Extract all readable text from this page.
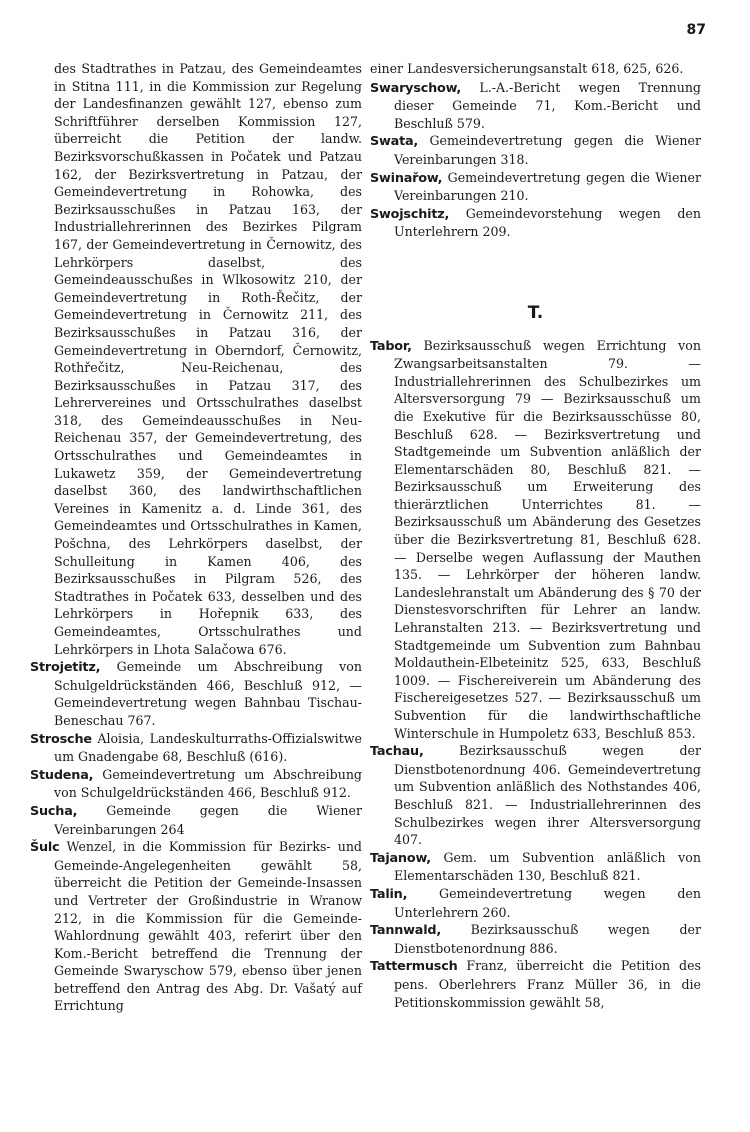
87

des Stadtrathes in Patzau, des Gemeindeamtes in Stitna 111, in die Kommission zur Regelung der Landesfinanzen gewählt 127, ebenso zum Schriftführer derselben Kommission 127, überreicht die Petition der landw. Bezirksvorschußkassen in Počatek und Patzau 162, der Bezirksvertretung in Patzau, der Gemeindevertretung in Rohowka, des Bezirksausschußes in Patzau 163, der Industriallehrerinnen des Bezirkes Pilgram 167, der Gemeindevertretung in Černowitz, des Lehrkörpers daselbst, des Gemeindeausschußes in Wlkosowitz 210, der Gemeindevertretung in Roth-Řečitz, der Gemeindevertretung in Černowitz 211, des Bezirksausschußes in Patzau 316, der Gemeindevertretung in Oberndorf, Černowitz, Rothřečitz, Neu-Reichenau, des Bezirksausschußes in Patzau 317, des Lehrervereines und Ortsschulrathes daselbst 318, des Gemeindeausschußes in Neu-Reichenau 357, der Gemeindevertretung, des Ortsschulrathes und Gemeindeamtes in Lukawetz 359, der Gemeindevertretung daselbst 360, des landwirthschaftlichen Vereines in Kamenitz a. d. Linde 361, des Gemeindeamtes und Ortsschulrathes in Kamen, Pošchna, des Lehrkörpers daselbst, der Schulleitung in Kamen 406, des Bezirksausschußes in Pilgram 526, des Stadtrathes in Počatek 633, desselben und des Lehrkörpers in Hořepnik 633, des Gemeindeamtes, Ortsschulrathes und Lehrkörpers in Lhota Salačowa 676.

Strojetitz, Gemeinde um Abschreibung von Schulgeldrückständen 466, Beschluß 912, — Gemeindevertretung wegen Bahnbau Tischau-Beneschau 767.

Strosche Aloisia, Landeskulturraths-Offizialswitwe um Gnadengabe 68, Beschluß (616).

Studena, Gemeindevertretung um Abschreibung von Schulgeldrückständen 466, Beschluß 912.

Sucha, Gemeinde gegen die Wiener Vereinbarungen 264

Šulc Wenzel, in die Kommission für Bezirks- und Gemeinde-Angelegenheiten gewählt 58, überreicht die Petition der Gemeinde-Insassen und Vertreter der Großindustrie in Wranow 212, in die Kommission für die Gemeinde-Wahlordnung gewählt 403, referirt über den Kom.-Bericht betreffend die Trennung der Gemeinde Swaryschow 579, ebenso über jenen betreffend den Antrag des Abg. Dr. Vašatý auf Errichtung

einer Landesversicherungsanstalt 618, 625, 626.

Swaryschow, L.-A.-Bericht wegen Trennung dieser Gemeinde 71, Kom.-Bericht und Beschluß 579.

Swata, Gemeindevertretung gegen die Wiener Vereinbarungen 318.

Swinařow, Gemeindevertretung gegen die Wiener Vereinbarungen 210.

Swojschitz, Gemeindevorstehung wegen den Unterlehrern 209.

T.

Tabor, Bezirksausschuß wegen Errichtung von Zwangsarbeitsanstalten 79. — Industriallehrerinnen des Schulbezirkes um Altersversorgung 79 — Bezirksausschuß um die Exekutive für die Bezirksausschüsse 80, Beschluß 628. — Bezirksvertretung und Stadtgemeinde um Subvention anläßlich der Elementarschäden 80, Beschluß 821. — Bezirksausschuß um Erweiterung des thierärztlichen Unterrichtes 81. — Bezirksausschuß um Abänderung des Gesetzes über die Bezirksvertretung 81, Beschluß 628. — Derselbe wegen Auflassung der Mauthen 135. — Lehrkörper der höheren landw. Landeslehranstalt um Abänderung des § 70 der Dienstesvorschriften für Lehrer an landw. Lehranstalten 213. — Bezirksvertretung und Stadtgemeinde um Subvention zum Bahnbau Moldauthein-Elbeteinitz 525, 633, Beschluß 1009. — Fischereiverein um Abänderung des Fischereigesetzes 527. — Bezirksausschuß um Subvention für die landwirthschaftliche Winterschule in Humpoletz 633, Beschluß 853.

Tachau, Bezirksausschuß wegen der Dienstbotenordnung 406. Gemeindevertretung um Subvention anläßlich des Nothstandes 406, Beschluß 821. — Industriallehrerinnen des Schulbezirkes wegen ihrer Altersversorgung 407.

Tajanow, Gem. um Subvention anläßlich von Elementarschäden 130, Beschluß 821.

Talin, Gemeindevertretung wegen den Unterlehrern 260.

Tannwald, Bezirksausschuß wegen der Dienstbotenordnung 886.

Tattermusch Franz, überreicht die Petition des pens. Oberlehrers Franz Müller 36, in die Petitionskommission gewählt 58,
